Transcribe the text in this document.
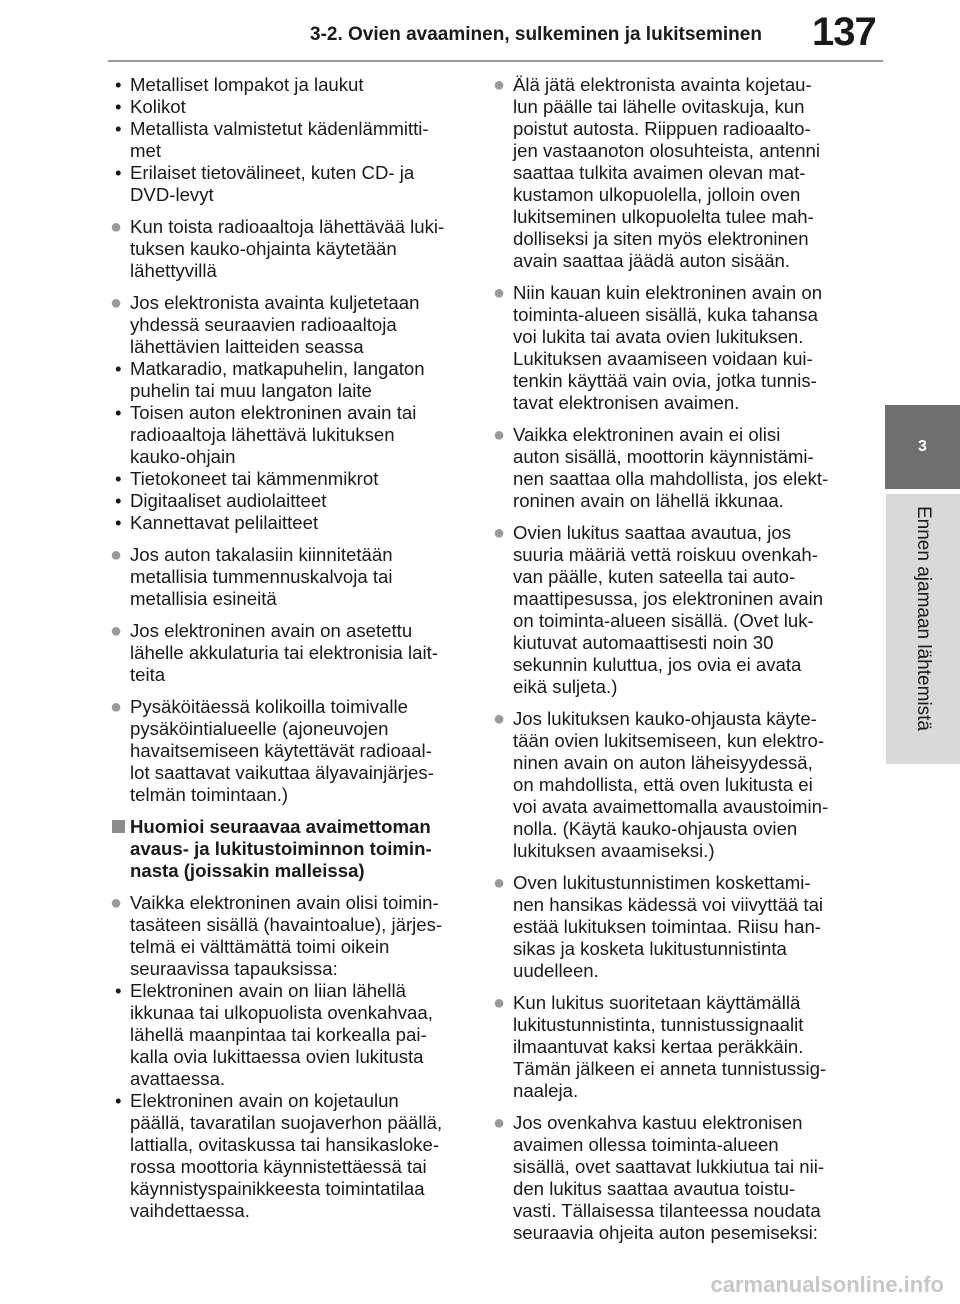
3-2. Ovien avaaminen, sulkeminen ja lukitseminen 137
3
Ennen ajamaan lähtemistä
• Metalliset lompakot ja laukut
• Kolikot
• Metallista valmistetut kädenlämmitti-
met
• Erilaiset tietovälineet, kuten CD- ja
DVD-levyt
● Kun toista radioaaltoja lähettävää luki-
tuksen kauko-ohjainta käytetään
lähettyvillä
● Jos elektronista avainta kuljetetaan
yhdessä seuraavien radioaaltoja
lähettävien laitteiden seassa
• Matkaradio, matkapuhelin, langaton
puhelin tai muu langaton laite
• Toisen auton elektroninen avain tai
radioaaltoja lähettävä lukituksen
kauko-ohjain
• Tietokoneet tai kämmenmikrot
• Digitaaliset audiolaitteet
• Kannettavat pelilaitteet
● Jos auton takalasiin kiinnitetään
metallisia tummennuskalvoja tai
metallisia esineitä
● Jos elektroninen avain on asetettu
lähelle akkulaturia tai elektronisia lait-
teita
● Pysäköitäessä kolikoilla toimivalle
pysäköintialueelle (ajoneuvojen
havaitsemiseen käytettävät radioaal-
lot saattavat vaikuttaa älyavainjärjes-
telmän toimintaan.)
Huomioi seuraavaa avaimettoman
avaus- ja lukitustoiminnon toimin-
nasta (joissakin malleissa)
● Vaikka elektroninen avain olisi toimin-
tasäteen sisällä (havaintoalue), järjes-
telmä ei välttämättä toimi oikein
seuraavissa tapauksissa:
• Elektroninen avain on liian lähellä
ikkunaa tai ulkopuolista ovenkahvaa,
lähellä maanpintaa tai korkealla pai-
kalla ovia lukittaessa ovien lukitusta
avattaessa.
• Elektroninen avain on kojetaulun
päällä, tavaratilan suojaverhon päällä,
lattialla, ovitaskussa tai hansikasloke-
rossa moottoria käynnistettäessä tai
käynnistyspainikkeesta toimintatilaa
vaihdettaessa.
● Älä jätä elektronista avainta kojetau-
lun päälle tai lähelle ovitaskuja, kun
poistut autosta. Riippuen radioaalto-
jen vastaanoton olosuhteista, antenni
saattaa tulkita avaimen olevan mat-
kustamon ulkopuolella, jolloin oven
lukitseminen ulkopuolelta tulee mah-
dolliseksi ja siten myös elektroninen
avain saattaa jäädä auton sisään.
● Niin kauan kuin elektroninen avain on
toiminta-alueen sisällä, kuka tahansa
voi lukita tai avata ovien lukituksen.
Lukituksen avaamiseen voidaan kui-
tenkin käyttää vain ovia, jotka tunnis-
tavat elektronisen avaimen.
● Vaikka elektroninen avain ei olisi
auton sisällä, moottorin käynnistämi-
nen saattaa olla mahdollista, jos elekt-
roninen avain on lähellä ikkunaa.
● Ovien lukitus saattaa avautua, jos
suuria määriä vettä roiskuu ovenkah-
van päälle, kuten sateella tai auto-
maattipesussa, jos elektroninen avain
on toiminta-alueen sisällä. (Ovet luk-
kiutuvat automaattisesti noin 30
sekunnin kuluttua, jos ovia ei avata
eikä suljeta.)
● Jos lukituksen kauko-ohjausta käyte-
tään ovien lukitsemiseen, kun elektro-
ninen avain on auton läheisyydessä,
on mahdollista, että oven lukitusta ei
voi avata avaimettomalla avaustoimin-
nolla. (Käytä kauko-ohjausta ovien
lukituksen avaamiseksi.)
● Oven lukitustunnistimen koskettami-
nen hansikas kädessä voi viivyttää tai
estää lukituksen toimintaa. Riisu han-
sikas ja kosketa lukitustunnistinta
uudelleen.
● Kun lukitus suoritetaan käyttämällä
lukitustunnistinta, tunnistussignaalit
ilmaantuvat kaksi kertaa peräkkäin.
Tämän jälkeen ei anneta tunnistussig-
naaleja.
● Jos ovenkahva kastuu elektronisen
avaimen ollessa toiminta-alueen
sisällä, ovet saattavat lukkiutua tai nii-
den lukitus saattaa avautua toistu-
vasti. Tällaisessa tilanteessa noudata
seuraavia ohjeita auton pesemiseksi:
carmanualsonline.info
